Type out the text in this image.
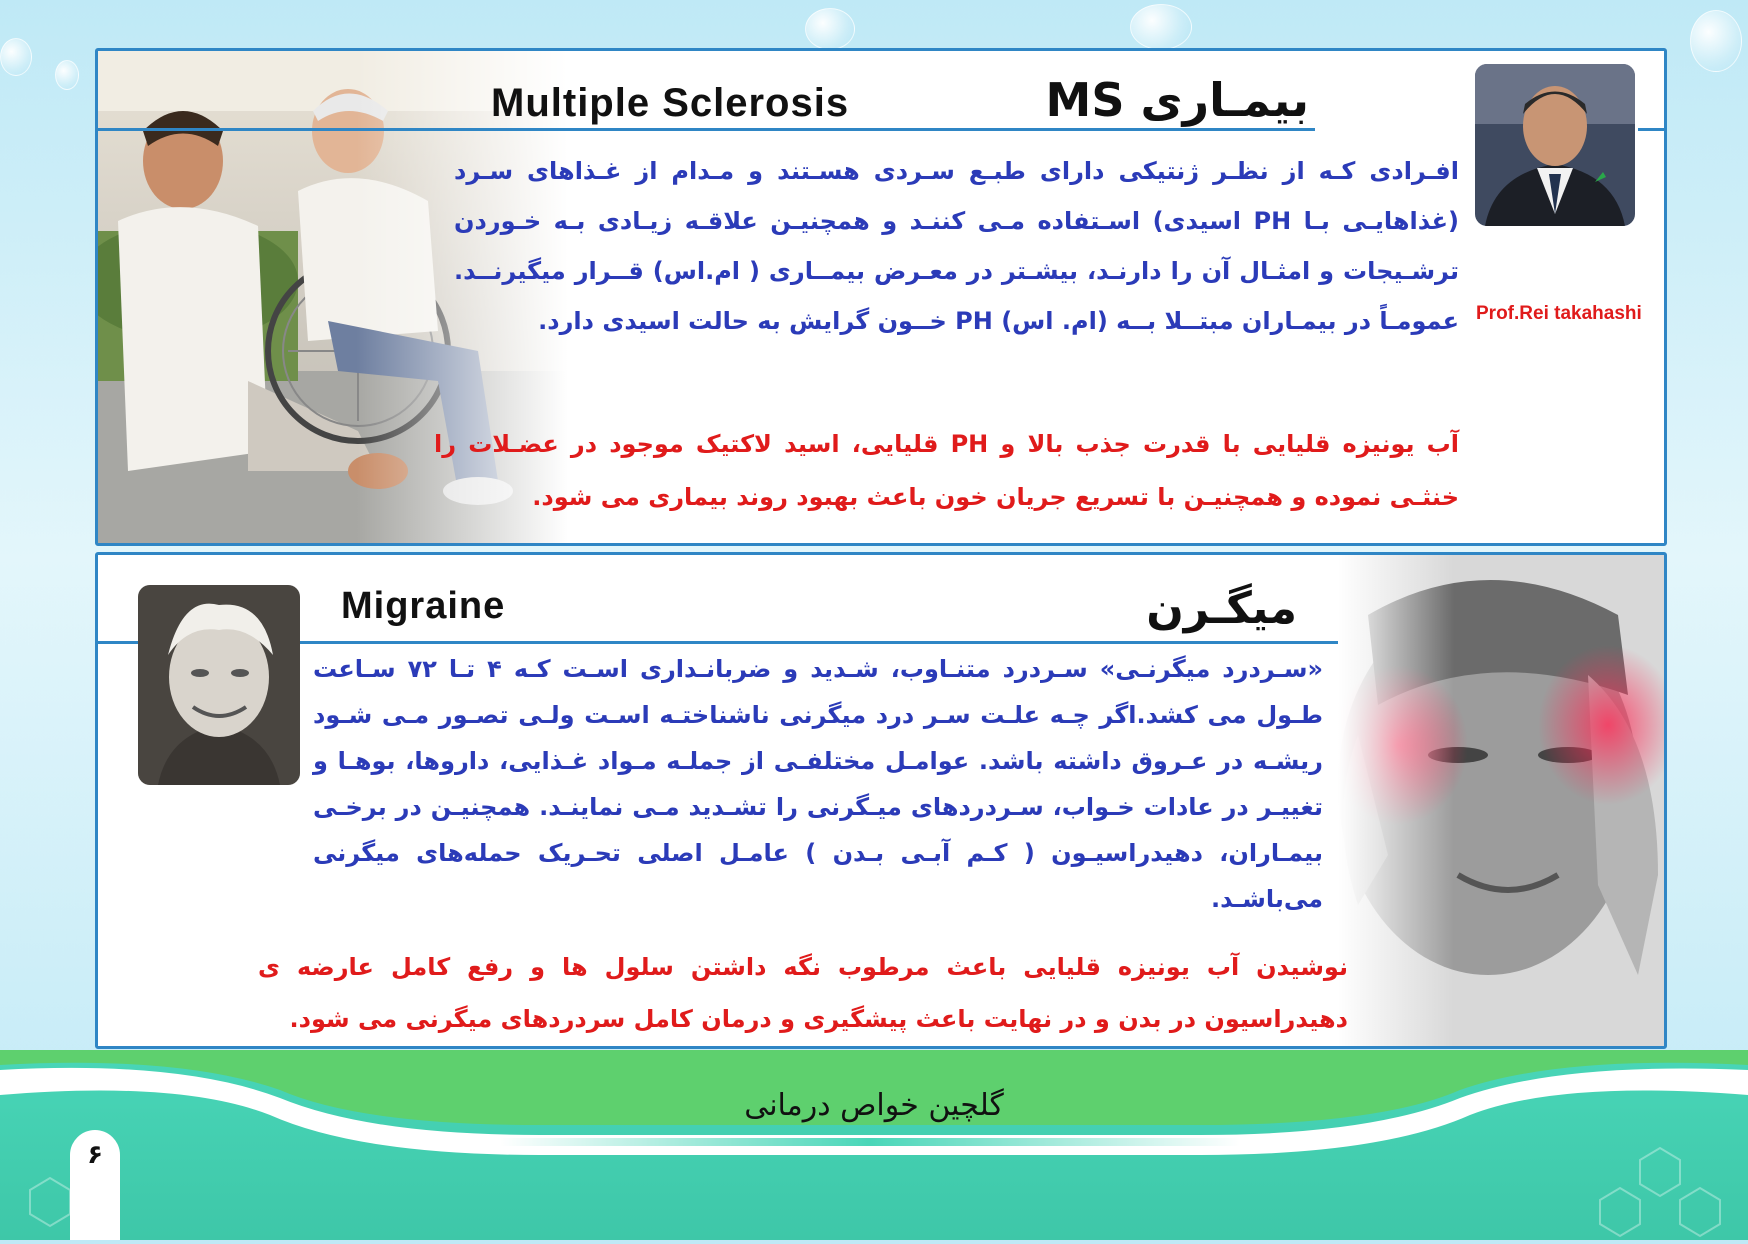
Multiple Sclerosis	بیمـاری MS
Prof.Rei takahashi
افـرادی کـه از نظـر ژنتیکی دارای طبـع سـردی هسـتند و مـدام از غـذاهای سـرد (غذاهایـی بـا PH اسیدی) اسـتفاده مـی کننـد و همچنیـن علاقـه زیـادی بـه خـوردن ترشـیجات و امثـال آن را دارنـد، بیشـتر در معـرض بیمــاری ( ام.اس) قــرار میگیرنــد. عمومـاً در بیمـاران مبتــلا بــه (ام. اس) PH خــون گرایش به حالت اسیدی دارد.
آب یونیزه قلیایی با قدرت جذب بالا و PH قلیایی، اسید لاکتیک موجود در عضـلات را خنثـی نموده و همچنیـن با تسریع جریان خون باعث بهبود روند بیماری می شود.
Migraine	میگـرن
«سـردرد میگرنـی» سـردرد متنـاوب، شـدید و ضربانـداری اسـت کـه ۴ تـا ۷۲ سـاعت طـول می کشد.اگر چـه علـت سـر درد میگرنی ناشناختـه اسـت ولـی تصـور مـی شـود ریشـه در عـروق داشته باشد. عوامـل مختلفـی از جملـه مـواد غـذایی، داروها، بوهـا و تغییـر در عادات خـواب، سـردردهای میـگرنی را تشـدید مـی نماینـد. همچنیـن در برخـی بیمـاران، دهیدراسیـون ( کـم آبـی بـدن ) عامـل اصلی تحـریک حمله‌های میگرنی می‌باشـد.
نوشیدن آب یونیزه قلیایی باعث مرطوب نگه داشتن سلول ها و رفع کامل عارضه ی دهیدراسیون در بدن و در نهایت باعث پیشگیری و درمان کامل سردردهای میگرنی می شود.
گلچین خواص درمانی
۶
